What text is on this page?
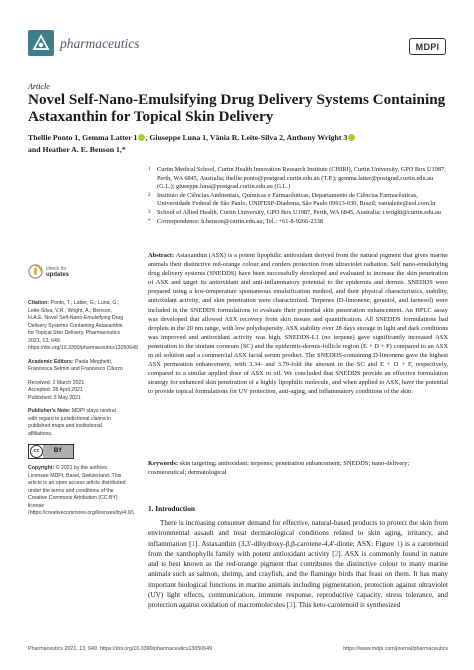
pharmaceutics	MDPI
Article
Novel Self-Nano-Emulsifying Drug Delivery Systems Containing Astaxanthin for Topical Skin Delivery
Thellie Ponto 1, Gemma Latter 1 , Giuseppe Luna 1, Vânia R. Leite-Silva 2, Anthony Wright 3
and Heather A. E. Benson 1,*
1	Curtin Medical School, Curtin Health Innovation Research Institute (CHIRI), Curtin University, GPO Box U1987, Perth, WA 6845, Australia; thellie.ponto@postgrad.curtin.edu.au (T.P.); gemma.latter@postgrad.curtin.edu.au (G.L.); giuseppe.luna@postgrad.curtin.edu.au (G.L.)
2	Instituto de Ciências Ambientais, Químicas e Farmacêuticas, Departamento de Ciências Farmacêuticas, Universidade Federal de São Paulo, UNIFESP-Diadema, São Paulo 09913-030, Brazil; vanialeite@uol.com.br
3	School of Allied Health, Curtin University, GPO Box U1987, Perth, WA 6845, Australia; t.wright@curtin.edu.au
*	Correspondence: h.benson@curtin.edu.au; Tel.: +61-8-9266-2338
check for
updates

Citation: Ponto, T.; Latter, G.; Luna, G.; Leite-Silva, V.R.; Wright, A.; Benson, H.A.E. Novel Self-Nano-Emulsifying Drug Delivery Systems Containing Astaxanthin for Topical Skin Delivery. Pharmaceutics 2021, 13, 649. https://doi.org/10.3390/pharmaceutics13050649

Academic Editors: Paola Minghetti, Francesca Selmin and Francesco Cilurzo

Received: 2 March 2021

Accepted: 28 April 2021

Published: 3 May 2021

Publisher's Note: MDPI stays neutral with regard to jurisdictional claims in published maps and institutional affiliations.

cc	BY

Copyright: © 2021 by the authors. Licensee MDPI, Basel, Switzerland. This article is an open access article distributed under the terms and conditions of the Creative Commons Attribution (CC BY) license (https://creativecommons.org/licenses/by/4.0/).

Abstract: Astaxanthin (ASX) is a potent lipophilic antioxidant derived from the natural pigment that gives marine animals their distinctive red-orange colour and confers protection from ultraviolet radiation. Self nano-emulsifying drug delivery systems (SNEDDS) have been successfully developed and evaluated to increase the skin penetration of ASX and target its antioxidant and anti-inflammatory potential to the epidermis and dermis. SNEDDS were prepared using a low-temperature spontaneous emulsification method, and their physical characteristics, stability, antioxidant activity, and skin penetration were characterized. Terpenes (D-limonene, geraniol, and farnesol) were included in the SNEDDS formulations to evaluate their potential skin penetration enhancement. An HPLC assay was developed that allowed ASX recovery from skin tissues and quantification. All SNEDDS formulations had droplets in the 20 nm range, with low polydispersity. ASX stability over 28 days storage in light and dark conditions was improved and antioxidant activity was high. SNEDDS-L1 (no terpene) gave significantly increased ASX penetration to the stratum corneum (SC) and the epidermis-dermis-follicle region (E + D + F) compared to an ASX in oil solution and a commercial ASX facial serum product. The SNEDDS-containing D-limonene gave the highest ASX permeation enhancement, with 3.34- and 3.79-fold the amount in the SC and E + D + F, respectively, compared to a similar applied dose of ASX in oil. We concluded that SNEDDS provide an effective formulation strategy for enhanced skin penetration of a highly lipophilic molecule, and when applied to ASX, have the potential to provide topical formulations for UV protection, anti-aging, and inflammatory conditions of the skin.
Keywords: skin targeting; antioxidant; terpenes; penetration enhancement; SNEDDS; nano-delivery; cosmeceutical; dermatological
1. Introduction
There is increasing consumer demand for effective, natural-based products to protect the skin from environmental assault and treat dermatological conditions related to skin aging, irritancy, and inflammation [1]. Astaxanthin (3,3′-dihydroxy-β,β-carotene-4,4′-dione; ASX: Figure 1) is a carotenoid from the xanthophylls family with potent antioxidant activity [2]. ASX is commonly found in nature and is best known as the red-orange pigment that contributes the distinctive colour to many marine animals such as salmon, shrimp, and crayfish, and the flamingo birds that feast on them. It has many important biological functions in marine animals including pigmentation, protection against ultraviolet (UV) light effects, communication, immune response, reproductive capacity, stress tolerance, and protection against oxidation of macromolecules [3]. This keto-carotenoid is synthesized
Pharmaceutics 2021, 13, 649. https://doi.org/10.3390/pharmaceutics13050649	https://www.mdpi.com/journal/pharmaceutics
